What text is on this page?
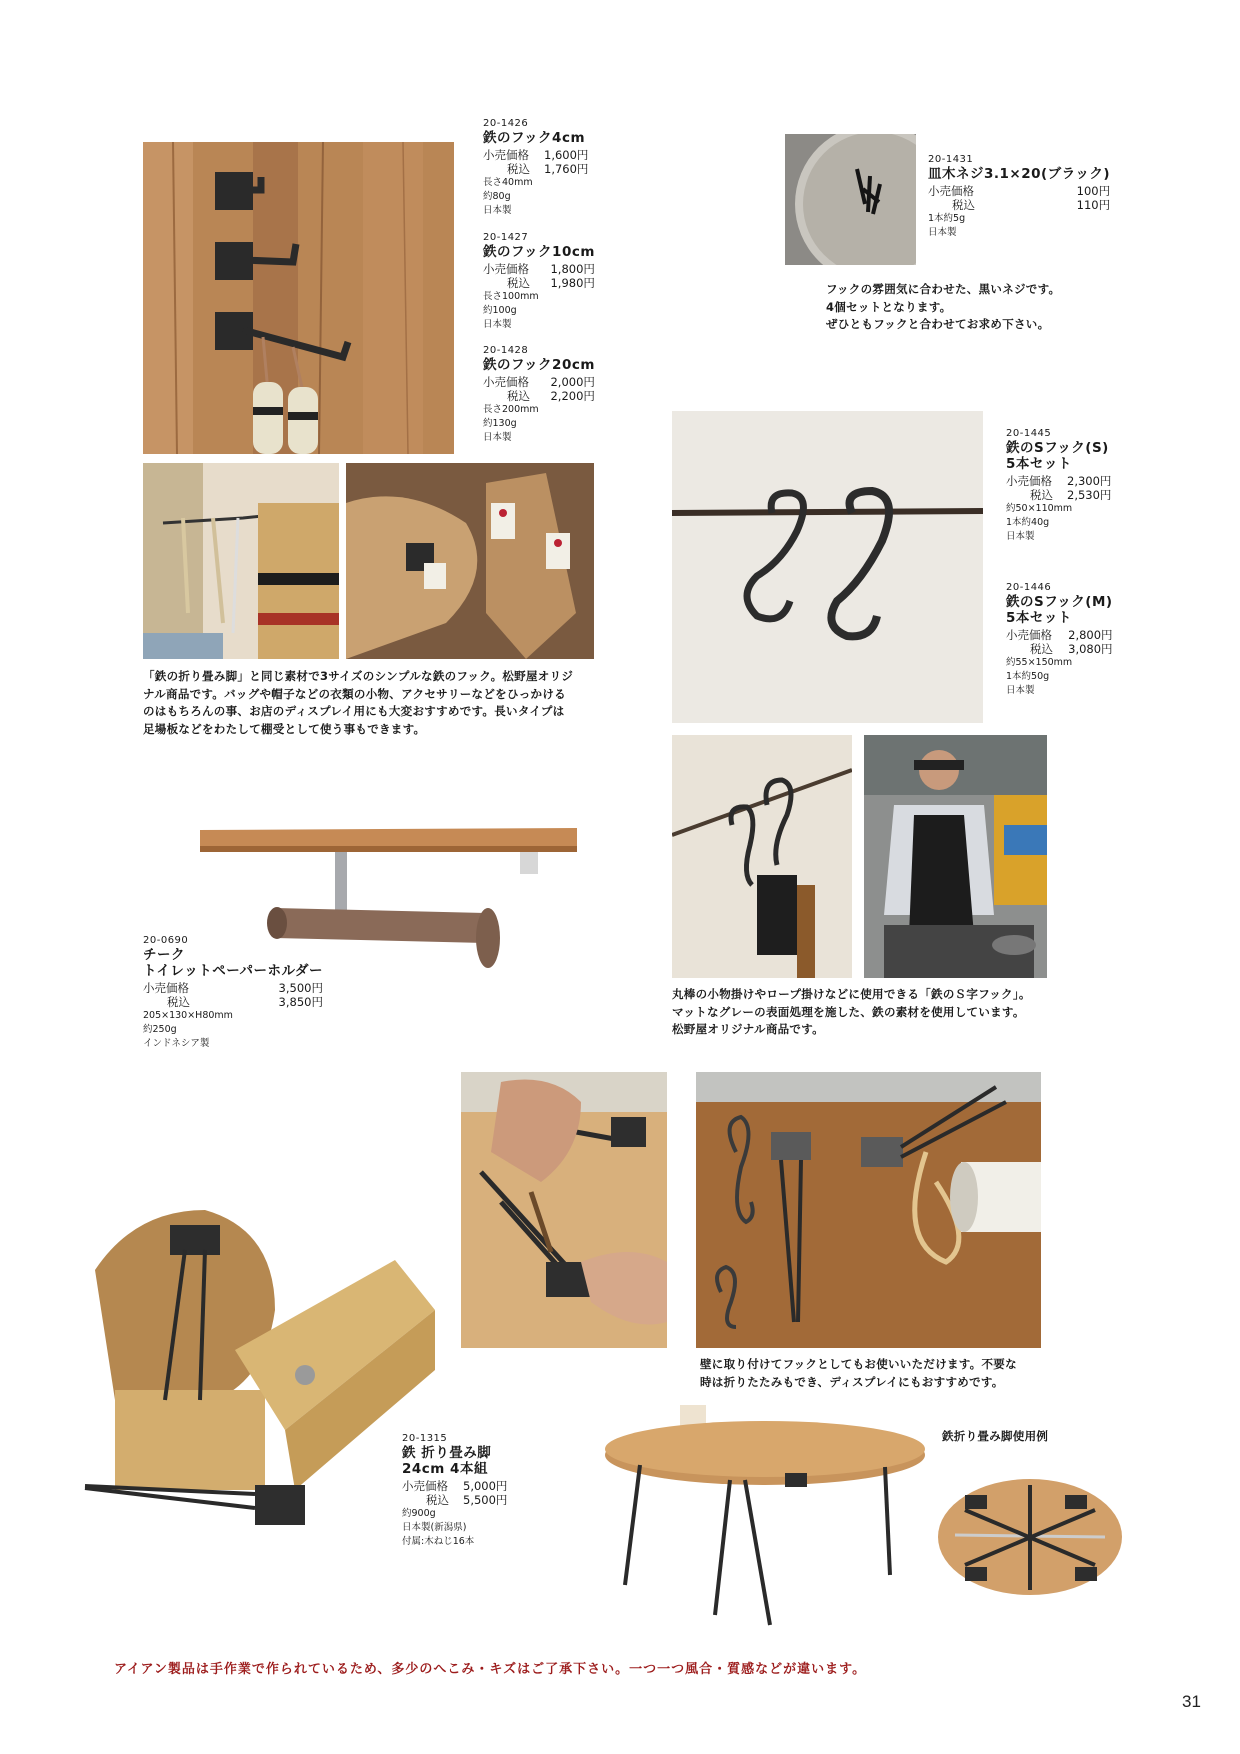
20-1426
鉄のフック4cm
小売価格 1,600円
税込 1,760円
長さ40mm
約80g
日本製
20-1427
鉄のフック10cm
小売価格	1,800円
税込 1,980円
長さ100mm
約100g
日本製
20-1428
鉄のフック20cm
小売価格	2,000円
税込 2,200円
長さ200mm
約130g
日本製
20-1431
皿木ネジ3.1×20(ブラック)
小売価格	100円
税込	110円
1本約5g
日本製
20-1445
鉄のSフック(S)
5本セット
小売価格 2,300円
税込 2,530円
約50×110mm
1本約40g
日本製
20-1446
鉄のSフック(M)
5本セット
小売価格 2,800円
税込 3,080円
約55×150mm
1本約50g
日本製
20-0690
チーク
トイレットペーパーホルダー
小売価格	3,500円
税込	3,850円
205×130×H80mm
約250g
インドネシア製
20-1315
鉄 折り畳み脚
24cm 4本組
小売価格 5,000円
税込 5,500円
約900g
日本製(新潟県)
付属:木ねじ16本
「鉄の折り畳み脚」と同じ素材で3サイズのシンプルな鉄のフック。松野屋オリジ
ナル商品です。バッグや帽子などの衣類の小物、アクセサリーなどをひっかける
のはもちろんの事、お店のディスプレイ用にも大変おすすめです。長いタイプは
足場板などをわたして棚受として使う事もできます。
フックの雰囲気に合わせた、黒いネジです。
4個セットとなります。
ぜひともフックと合わせてお求め下さい。
丸棒の小物掛けやロープ掛けなどに使用できる「鉄のＳ字フック」。
マットなグレーの表面処理を施した、鉄の素材を使用しています。
松野屋オリジナル商品です。
壁に取り付けてフックとしてもお使いいただけます。不要な
時は折りたたみもでき、ディスプレイにもおすすめです。
鉄折り畳み脚使用例
アイアン製品は手作業で作られているため、多少のへこみ・キズはご了承下さい。一つ一つ風合・質感などが違います。
31
